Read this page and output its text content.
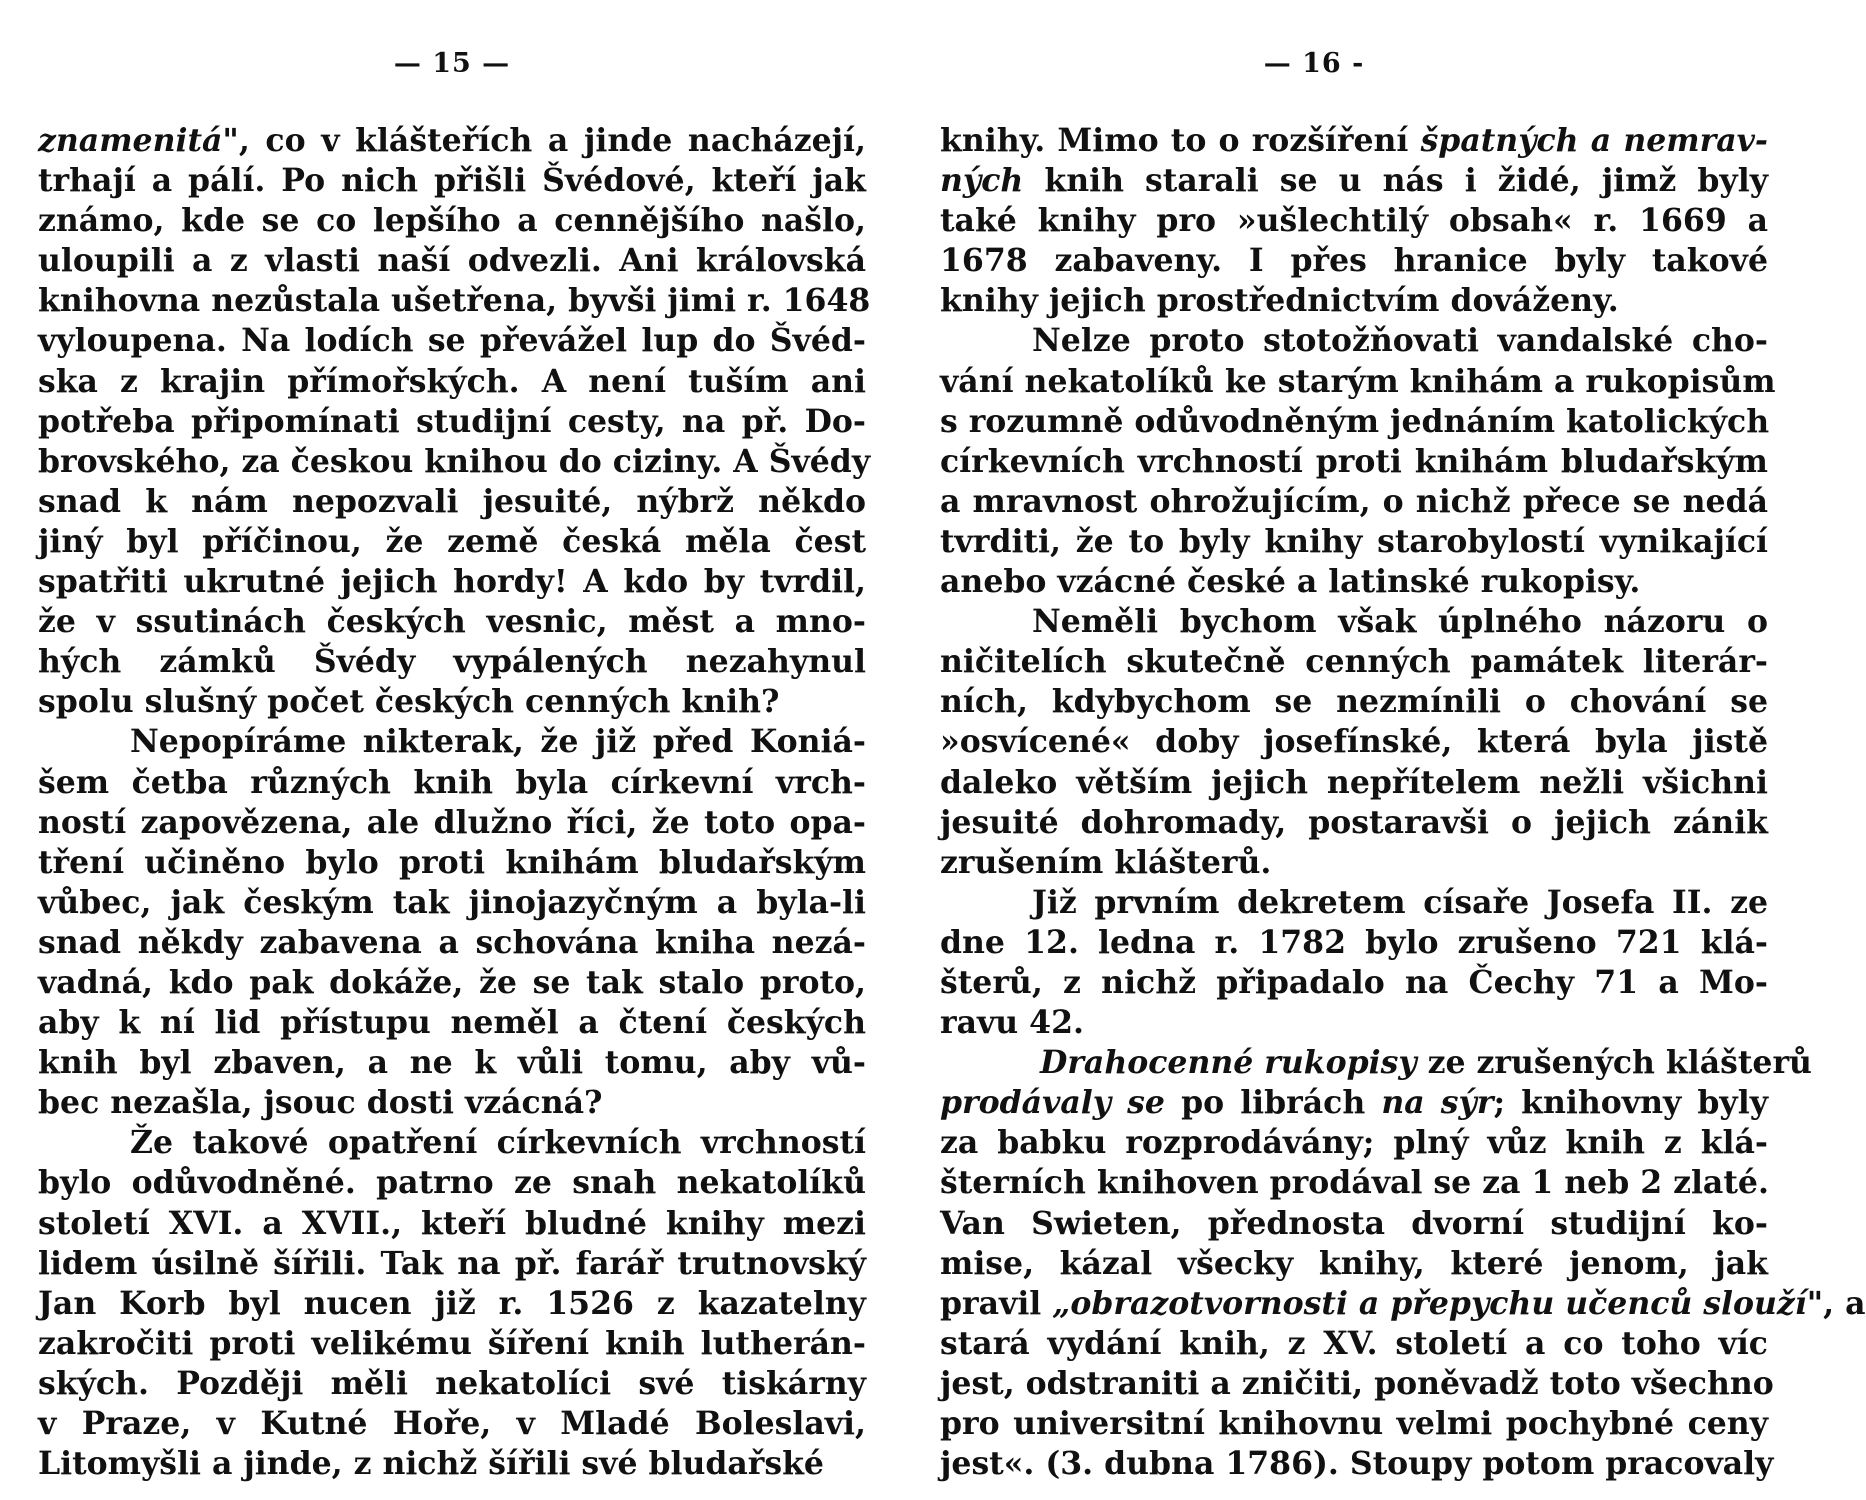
— 15 —
znamenitá", co v klášteřích a jinde nacházejí,
trhají a pálí. Po nich přišli Švédové, kteří jak
známo, kde se co lepšího a cennějšího našlo,
uloupili a z vlasti naší odvezli. Ani královská
knihovna nezůstala ušetřena, byvši jimi r. 1648
vyloupena. Na lodích se převážel lup do Švéd-
ska z krajin přímořských. A není tuším ani
potřeba připomínati studijní cesty, na př. Do-
brovského, za českou knihou do ciziny. A Švédy
snad k nám nepozvali jesuité, nýbrž někdo
jiný byl příčinou, že země česká měla čest
spatřiti ukrutné jejich hordy! A kdo by tvrdil,
že v ssutinách českých vesnic, měst a mno-
hých zámků Švédy vypálených nezahynul
spolu slušný počet českých cenných knih?
Nepopíráme nikterak, že již před Koniá-
šem četba různých knih byla církevní vrch-
ností zapovězena, ale dlužno říci, že toto opa-
tření učiněno bylo proti knihám bludařským
vůbec, jak českým tak jinojazyčným a byla-li
snad někdy zabavena a schována kniha nezá-
vadná, kdo pak dokáže, že se tak stalo proto,
aby k ní lid přístupu neměl a čtení českých
knih byl zbaven, a ne k vůli tomu, aby vů-
bec nezašla, jsouc dosti vzácná?
Že takové opatření církevních vrchností
bylo odůvodněné. patrno ze snah nekatolíků
století XVI. a XVII., kteří bludné knihy mezi
lidem úsilně šířili. Tak na př. farář trutnovský
Jan Korb byl nucen již r. 1526 z kazatelny
zakročiti proti velikému šíření knih lutherán-
ských. Později měli nekatolíci své tiskárny
v Praze, v Kutné Hoře, v Mladé Boleslavi,
Litomyšli a jinde, z nichž šířili své bludařské
— 16 -
knihy. Mimo to o rozšíření špatných a nemrav-
ných knih starali se u nás i židé, jimž byly
také knihy pro »ušlechtilý obsah« r. 1669 a
1678 zabaveny. I přes hranice byly takové
knihy jejich prostřednictvím dováženy.
Nelze proto stotožňovati vandalské cho-
vání nekatolíků ke starým knihám a rukopisům
s rozumně odůvodněným jednáním katolických
církevních vrchností proti knihám bludařským
a mravnost ohrožujícím, o nichž přece se nedá
tvrditi, že to byly knihy starobylostí vynikající
anebo vzácné české a latinské rukopisy.
Neměli bychom však úplného názoru o
ničitelích skutečně cenných památek literár-
ních, kdybychom se nezmínili o chování se
»osvícené« doby josefínské, která byla jistě
daleko větším jejich nepřítelem nežli všichni
jesuité dohromady, postaravši o jejich zánik
zrušením klášterů.
Již prvním dekretem císaře Josefa II. ze
dne 12. ledna r. 1782 bylo zrušeno 721 klá-
šterů, z nichž připadalo na Čechy 71 a Mo-
ravu 42.
Drahocenné rukopisy ze zrušených klášterů
prodávaly se po librách na sýr; knihovny byly
za babku rozprodávány; plný vůz knih z klá-
šterních knihoven prodával se za 1 neb 2 zlaté.
Van Swieten, přednosta dvorní studijní ko-
mise, kázal všecky knihy, které jenom, jak
pravil „obrazotvornosti a přepychu učenců slouží", a
stará vydání knih, z XV. století a co toho víc
jest, odstraniti a zničiti, poněvadž toto všechno
pro universitní knihovnu velmi pochybné ceny
jest«. (3. dubna 1786). Stoupy potom pracovaly
